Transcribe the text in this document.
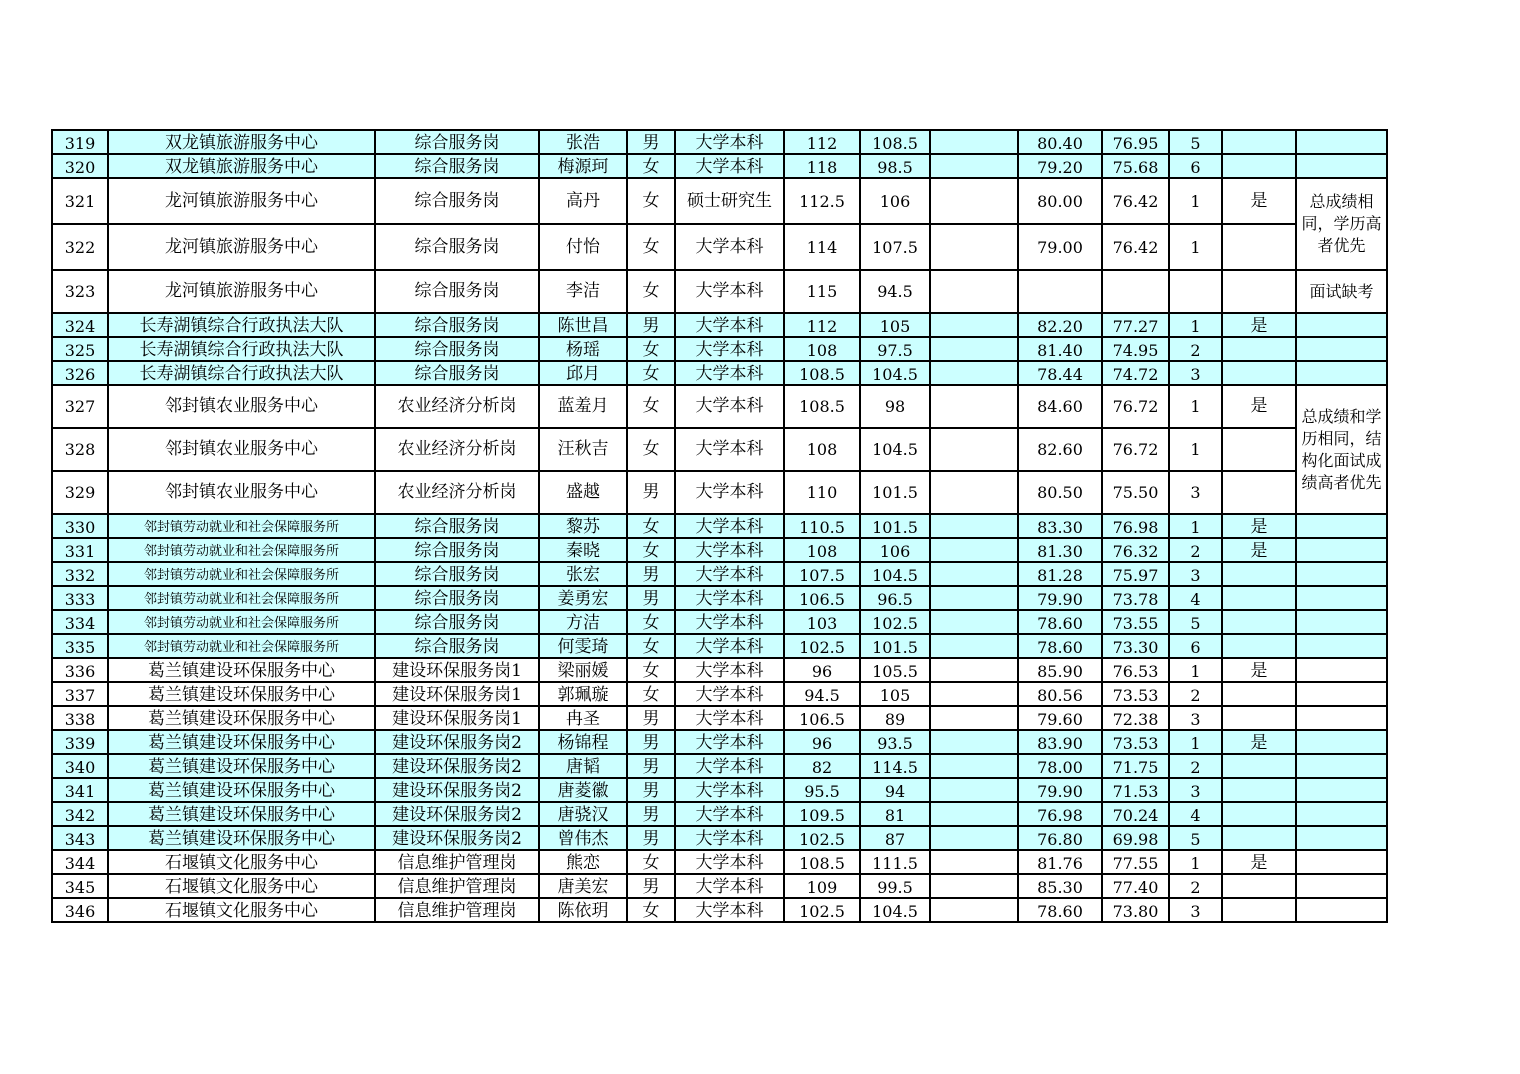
319	双龙镇旅游服务中心	综合服务岗	张浩	男	大学本科	112	108.5		80.40	76.95	5		
320	双龙镇旅游服务中心	综合服务岗	梅源珂	女	大学本科	118	98.5		79.20	75.68	6		
321	龙河镇旅游服务中心	综合服务岗	高丹	女	硕士研究生	112.5	106		80.00	76.42	1	是	总成绩相同，学历高者优先
322	龙河镇旅游服务中心	综合服务岗	付怡	女	大学本科	114	107.5		79.00	76.42	1		
323	龙河镇旅游服务中心	综合服务岗	李洁	女	大学本科	115	94.5						面试缺考
324	长寿湖镇综合行政执法大队	综合服务岗	陈世昌	男	大学本科	112	105		82.20	77.27	1	是	
325	长寿湖镇综合行政执法大队	综合服务岗	杨瑶	女	大学本科	108	97.5		81.40	74.95	2		
326	长寿湖镇综合行政执法大队	综合服务岗	邱月	女	大学本科	108.5	104.5		78.44	74.72	3		
327	邻封镇农业服务中心	农业经济分析岗	蓝羞月	女	大学本科	108.5	98		84.60	76.72	1	是	总成绩和学历相同，结构化面试成绩高者优先
328	邻封镇农业服务中心	农业经济分析岗	汪秋吉	女	大学本科	108	104.5		82.60	76.72	1		
329	邻封镇农业服务中心	农业经济分析岗	盛越	男	大学本科	110	101.5		80.50	75.50	3		
330	邻封镇劳动就业和社会保障服务所	综合服务岗	黎苏	女	大学本科	110.5	101.5		83.30	76.98	1	是	
331	邻封镇劳动就业和社会保障服务所	综合服务岗	秦晓	女	大学本科	108	106		81.30	76.32	2	是	
332	邻封镇劳动就业和社会保障服务所	综合服务岗	张宏	男	大学本科	107.5	104.5		81.28	75.97	3		
333	邻封镇劳动就业和社会保障服务所	综合服务岗	姜勇宏	男	大学本科	106.5	96.5		79.90	73.78	4		
334	邻封镇劳动就业和社会保障服务所	综合服务岗	方洁	女	大学本科	103	102.5		78.60	73.55	5		
335	邻封镇劳动就业和社会保障服务所	综合服务岗	何雯琦	女	大学本科	102.5	101.5		78.60	73.30	6		
336	葛兰镇建设环保服务中心	建设环保服务岗1	梁丽媛	女	大学本科	96	105.5		85.90	76.53	1	是	
337	葛兰镇建设环保服务中心	建设环保服务岗1	郭珮璇	女	大学本科	94.5	105		80.56	73.53	2		
338	葛兰镇建设环保服务中心	建设环保服务岗1	冉圣	男	大学本科	106.5	89		79.60	72.38	3		
339	葛兰镇建设环保服务中心	建设环保服务岗2	杨锦程	男	大学本科	96	93.5		83.90	73.53	1	是	
340	葛兰镇建设环保服务中心	建设环保服务岗2	唐韬	男	大学本科	82	114.5		78.00	71.75	2		
341	葛兰镇建设环保服务中心	建设环保服务岗2	唐菱徽	男	大学本科	95.5	94		79.90	71.53	3		
342	葛兰镇建设环保服务中心	建设环保服务岗2	唐骁汉	男	大学本科	109.5	81		76.98	70.24	4		
343	葛兰镇建设环保服务中心	建设环保服务岗2	曾伟杰	男	大学本科	102.5	87		76.80	69.98	5		
344	石堰镇文化服务中心	信息维护管理岗	熊恋	女	大学本科	108.5	111.5		81.76	77.55	1	是	
345	石堰镇文化服务中心	信息维护管理岗	唐美宏	男	大学本科	109	99.5		85.30	77.40	2		
346	石堰镇文化服务中心	信息维护管理岗	陈依玥	女	大学本科	102.5	104.5		78.60	73.80	3		
